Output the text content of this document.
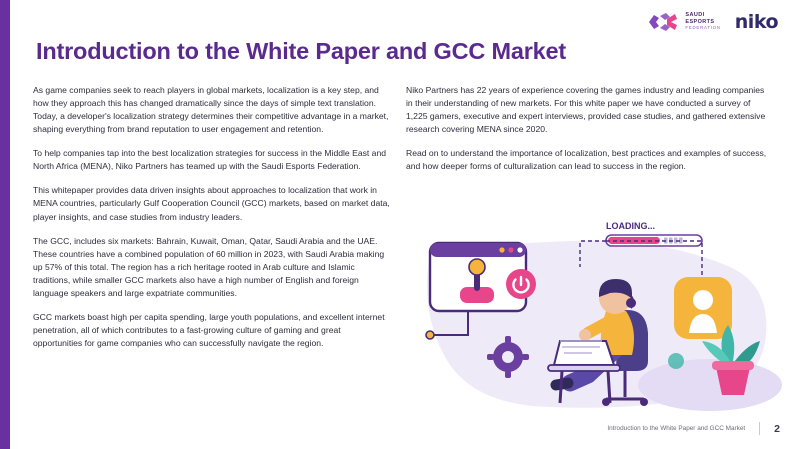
SAUDI
ESPORTS
FEDERATION niko
Introduction to the White Paper and GCC Market

As game companies seek to reach players in global markets, localization is a key step, and how they approach this has changed dramatically since the days of simple text translation. Today, a developer's localization strategy determines their competitive advantage in a market, shaping everything from brand reputation to user engagement and retention.

To help companies tap into the best localization strategies for success in the Middle East and North Africa (MENA), Niko Partners has teamed up with the Saudi Esports Federation.

This whitepaper provides data driven insights about approaches to localization that work in MENA countries, particularly Gulf Cooperation Council (GCC) markets, based on market data, player insights, and case studies from industry leaders.

The GCC, includes six markets: Bahrain, Kuwait, Oman, Qatar, Saudi Arabia and the UAE. These countries have a combined population of 60 million in 2023, with Saudi Arabia making up 57% of this total. The region has a rich heritage rooted in Arab culture and Islamic traditions, while smaller GCC markets also have a high number of English and foreign language speakers and large expatriate communities.

GCC markets boast high per capita spending, large youth populations, and excellent internet penetration, all of which contributes to a fast-growing culture of gaming and great opportunities for game companies who can successfully navigate the region.

Niko Partners has 22 years of experience covering the games industry and leading companies in their understanding of new markets. For this white paper we have conducted a survey of 1,225 gamers, executive and expert interviews, provided case studies, and gathered extensive research covering MENA since 2020.

Read on to understand the importance of localization, best practices and examples of success, and how deeper forms of culturalization can lead to success in the region.

LOADING...
Introduction to the White Paper and GCC Market	2
